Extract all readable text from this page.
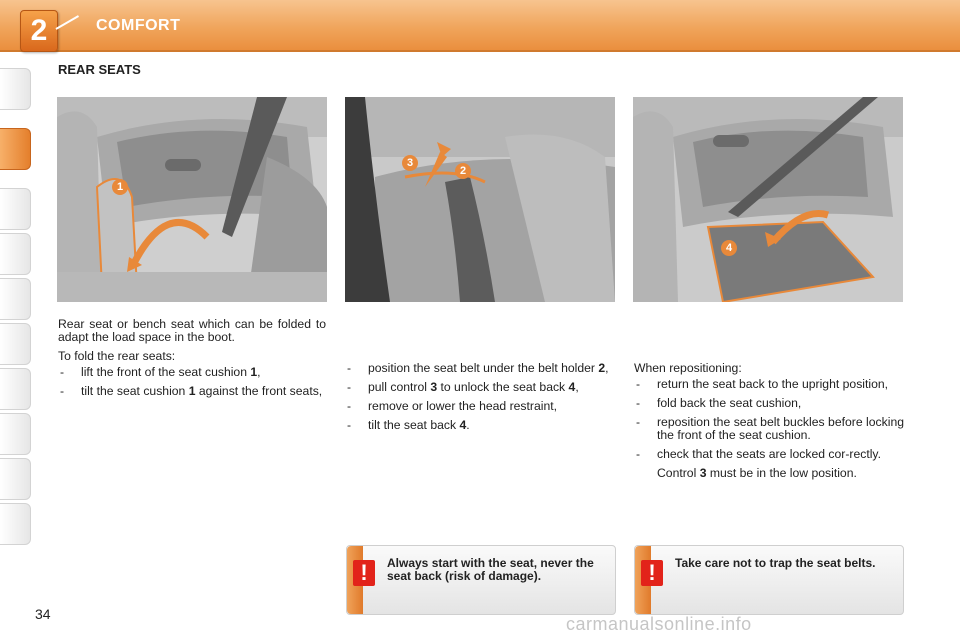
2	COMFORT
REAR SEATS
1
3
2
4

Rear seat or bench seat which can be folded to adapt the load space in the boot.

To fold the rear seats:

- lift the front of the seat cushion 1,
- tilt the seat cushion 1 against the front seats,
- position the seat belt under the belt holder 2,
- pull control 3 to unlock the seat back 4,
- remove or lower the head restraint,
- tilt the seat back 4.

When repositioning:

- return the seat back to the upright position,
- fold back the seat cushion,
- reposition the seat belt buckles before locking the front of the seat cushion.
- check that the seats are locked cor-rectly.
Control 3 must be in the low position.
!	Always start with the seat, never the seat back (risk of damage).	!	Take care not to trap the seat belts.
34	carmanualsonline.info
